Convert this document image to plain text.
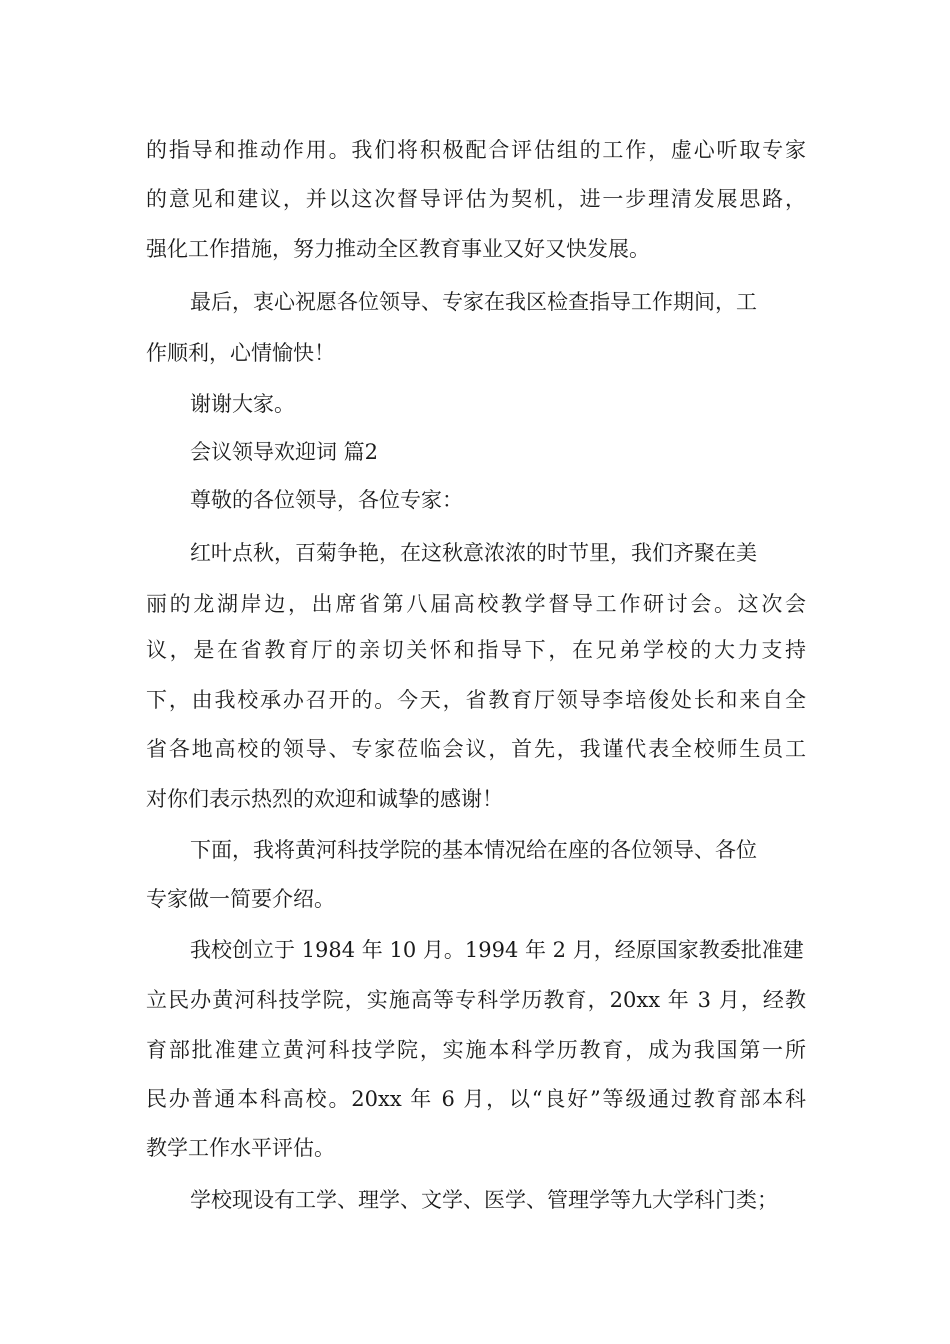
的指导和推动作用。我们将积极配合评估组的工作，虚心听取专家
的意见和建议，并以这次督导评估为契机，进一步理清发展思路，
强化工作措施，努力推动全区教育事业又好又快发展。
最后，衷心祝愿各位领导、专家在我区检查指导工作期间，工
作顺利，心情愉快！
谢谢大家。
会议领导欢迎词 篇2
尊敬的各位领导，各位专家：
红叶点秋，百菊争艳，在这秋意浓浓的时节里，我们齐聚在美
丽的龙湖岸边，出席省第八届高校教学督导工作研讨会。这次会
议，是在省教育厅的亲切关怀和指导下，在兄弟学校的大力支持
下，由我校承办召开的。今天，省教育厅领导李培俊处长和来自全
省各地高校的领导、专家莅临会议，首先，我谨代表全校师生员工
对你们表示热烈的欢迎和诚挚的感谢！
下面，我将黄河科技学院的基本情况给在座的各位领导、各位
专家做一简要介绍。
我校创立于 1984 年 10 月。1994 年 2 月，经原国家教委批准建
立民办黄河科技学院，实施高等专科学历教育，20xx 年 3 月，经教
育部批准建立黄河科技学院，实施本科学历教育，成为我国第一所
民办普通本科高校。20xx 年 6 月，以“良好”等级通过教育部本科
教学工作水平评估。
学校现设有工学、理学、文学、医学、管理学等九大学科门类；
